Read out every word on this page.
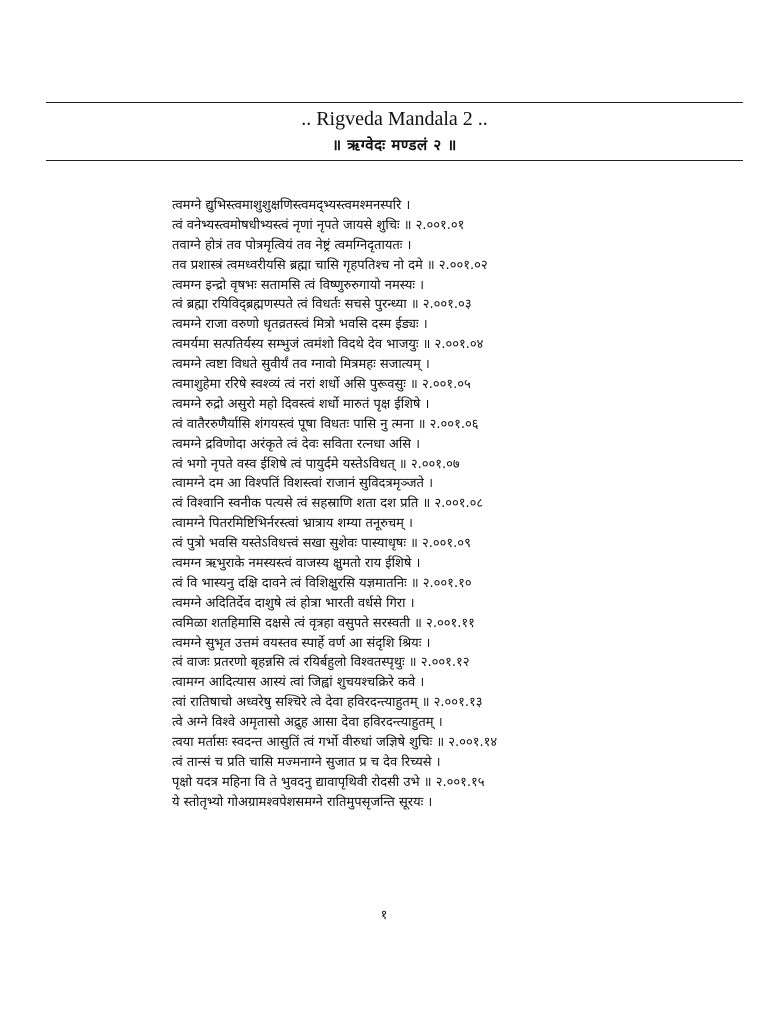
.. Rigveda Mandala 2 ..
॥ ऋग्वेदः मण्डलं २ ॥
त्वमग्ने द्युभिस्त्वमाशुशुक्षणिस्त्वमद्भ्यस्त्वमश्मनस्परि ।
त्वं वनेभ्यस्त्वमोषधीभ्यस्त्वं नृणां नृपते जायसे शुचिः ॥ २.००१.०१
तवाग्ने होत्रं तव पोत्रमृत्वियं तव नेष्ट्रं त्वमग्निदृतायतः ।
तव प्रशास्त्रं त्वमध्वरीयसि ब्रह्मा चासि गृहपतिश्च नो दमे ॥ २.००१.०२
त्वमग्न इन्द्रो वृषभः सतामसि त्वं विष्णुरुरुगायो नमस्यः ।
त्वं ब्रह्मा रयिविद्ब्रह्मणस्पते त्वं विधर्तः सचसे पुरन्ध्या ॥ २.००१.०३
त्वमग्ने राजा वरुणो धृतव्रतस्त्वं मित्रो भवसि दस्म ईड्यः ।
त्वमर्यमा सत्पतिर्यस्य सम्भुजं त्वमंशो विदथे देव भाजयुः ॥ २.००१.०४
त्वमग्ने त्वष्टा विधते सुवीर्यं तव ग्नावो मित्रमहः सजात्यम् ।
त्वमाशुहेमा ररिषे स्वश्व्यं त्वं नरां शर्धो असि पुरूवसुः ॥ २.००१.०५
त्वमग्ने रुद्रो असुरो महो दिवस्त्वं शर्धो मारुतं पृक्ष ईशिषे ।
त्वं वातैररुणैर्यासि शंगयस्त्वं पूषा विधतः पासि नु त्मना ॥ २.००१.०६
त्वमग्ने द्रविणोदा अरंकृते त्वं देवः सविता रत्नधा असि ।
त्वं भगो नृपते वस्व ईशिषे त्वं पायुर्दमे यस्तेऽविधत् ॥ २.००१.०७
त्वामग्ने दम आ विश्पतिं विशस्त्वां राजानं सुविदत्रमृञ्जते ।
त्वं विश्वानि स्वनीक पत्यसे त्वं सहस्राणि शता दश प्रति ॥ २.००१.०८
त्वामग्ने पितरमिष्टिभिर्नरस्त्वां भ्रात्राय शम्या तनूरुचम् ।
त्वं पुत्रो भवसि यस्तेऽविधत्त्वं सखा सुशेवः पास्याधृषः ॥ २.००१.०९
त्वमग्न ऋभुराके नमस्यस्त्वं वाजस्य क्षुमतो राय ईशिषे ।
त्वं वि भास्यनु दक्षि दावने त्वं विशिक्षुरसि यज्ञमातनिः ॥ २.००१.१०
त्वमग्ने अदितिर्देव दाशुषे त्वं होत्रा भारती वर्धसे गिरा ।
त्वमिळा शतहिमासि दक्षसे त्वं वृत्रहा वसुपते सरस्वती ॥ २.००१.११
त्वमग्ने सुभृत उत्तमं वयस्तव स्पार्हे वर्ण आ संदृशि श्रियः ।
त्वं वाजः प्रतरणो बृहन्नसि त्वं रयिर्बहुलो विश्वतस्पृथुः ॥ २.००१.१२
त्वामग्न आदित्यास आस्यं त्वां जिह्वां शुचयश्चक्रिरे कवे ।
त्वां रातिषाचो अध्वरेषु सश्चिरे त्वे देवा हविरदन्त्याहुतम् ॥ २.००१.१३
त्वे अग्ने विश्वे अमृतासो अद्रुह आसा देवा हविरदन्त्याहुतम् ।
त्वया मर्तासः स्वदन्त आसुतिं त्वं गर्भो वीरुधां जज्ञिषे शुचिः ॥ २.००१.१४
त्वं तान्सं च प्रति चासि मज्मनाग्ने सुजात प्र च देव रिच्यसे ।
पृक्षो यदत्र महिना वि ते भुवदनु द्यावापृथिवी रोदसी उभे ॥ २.००१.१५
ये स्तोतृभ्यो गोअग्रामश्वपेशसमग्ने रातिमुपसृजन्ति सूरयः ।
१
